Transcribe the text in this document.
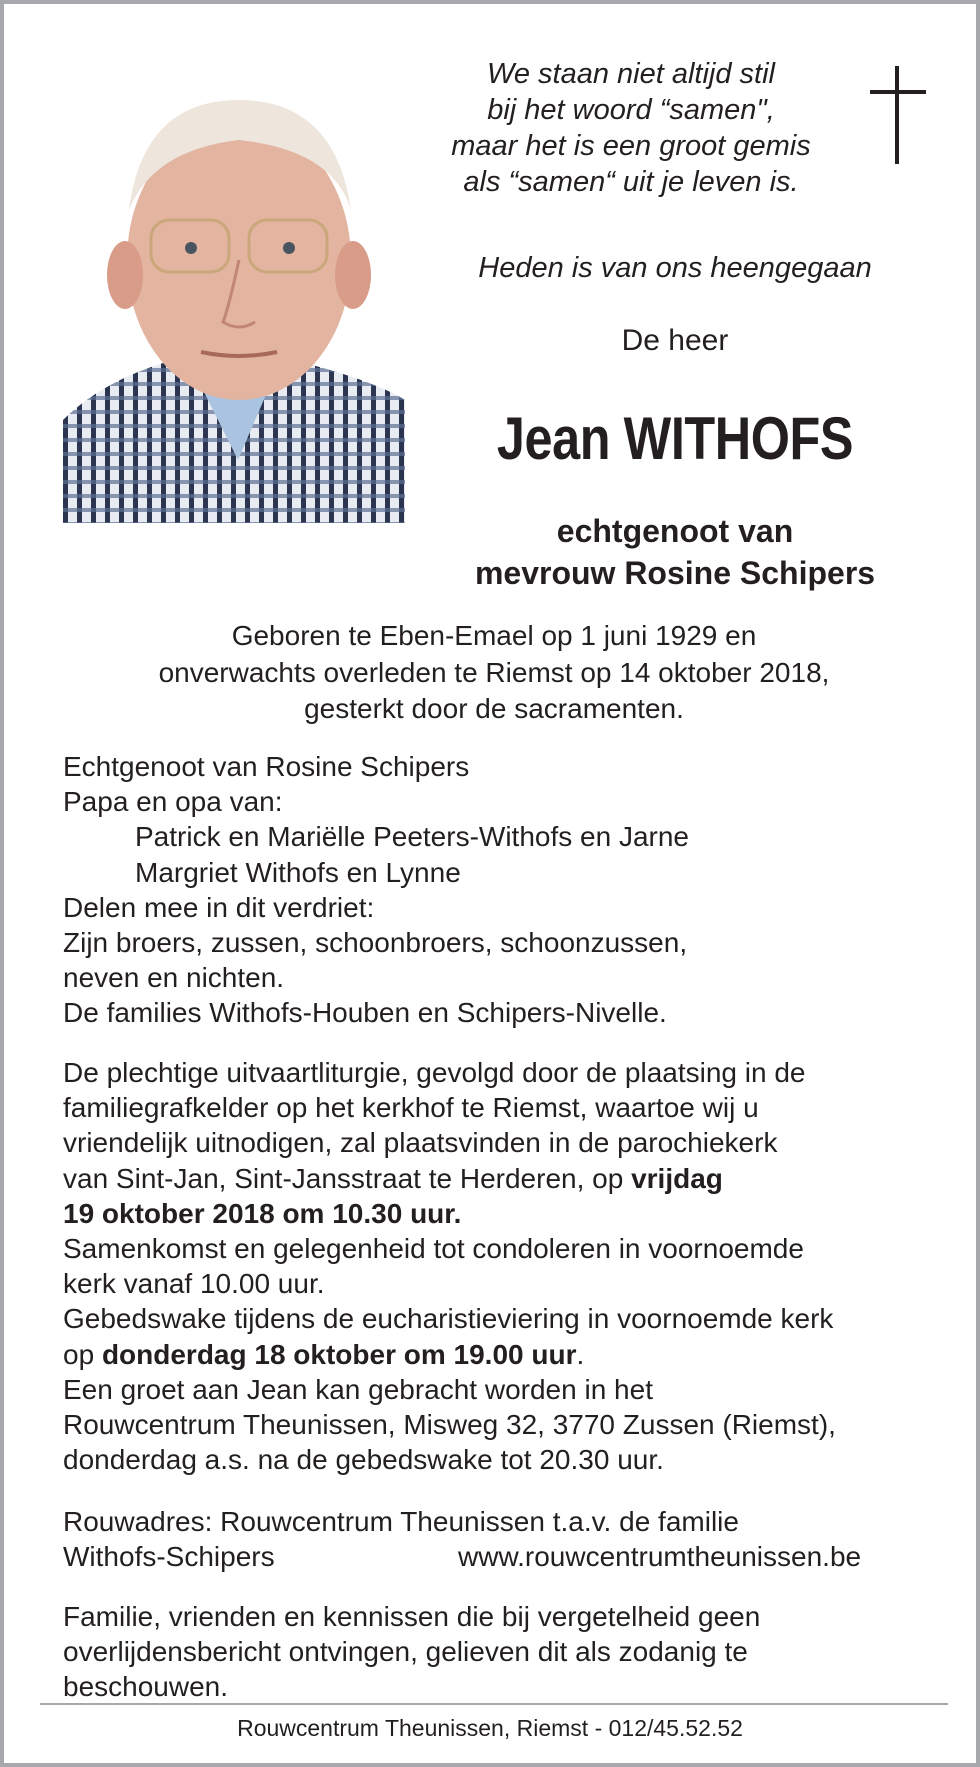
We staan niet altijd stil
bij het woord “samen",
maar het is een groot gemis
als “samen“ uit je leven is.
Heden is van ons heengegaan
De heer
Jean WITHOFS
echtgenoot van
mevrouw Rosine Schipers
Geboren te Eben-Emael op 1 juni 1929 en
onverwachts overleden te Riemst op 14 oktober 2018,
gesterkt door de sacramenten.
Echtgenoot van Rosine Schipers
Papa en opa van:
Patrick en Mariëlle Peeters-Withofs en Jarne
Margriet Withofs en Lynne
Delen mee in dit verdriet:
Zijn broers, zussen, schoonbroers, schoonzussen,
neven en nichten.
De families Withofs-Houben en Schipers-Nivelle.
De plechtige uitvaartliturgie, gevolgd door de plaatsing in de
familiegrafkelder op het kerkhof te Riemst, waartoe wij u
vriendelijk uitnodigen, zal plaatsvinden in de parochiekerk
van Sint-Jan, Sint-Jansstraat te Herderen, op vrijdag
19 oktober 2018 om 10.30 uur.
Samenkomst en gelegenheid tot condoleren in voornoemde
kerk vanaf 10.00 uur.
Gebedswake tijdens de eucharistieviering in voornoemde kerk
op donderdag 18 oktober om 19.00 uur.
Een groet aan Jean kan gebracht worden in het
Rouwcentrum Theunissen, Misweg 32, 3770 Zussen (Riemst),
donderdag a.s. na de gebedswake tot 20.30 uur.
Rouwadres: Rouwcentrum Theunissen t.a.v. de familie
Withofs-Schipers	www.rouwcentrumtheunissen.be
Familie, vrienden en kennissen die bij vergetelheid geen
overlijdensbericht ontvingen, gelieven dit als zodanig te
beschouwen.
Rouwcentrum Theunissen, Riemst - 012/45.52.52
